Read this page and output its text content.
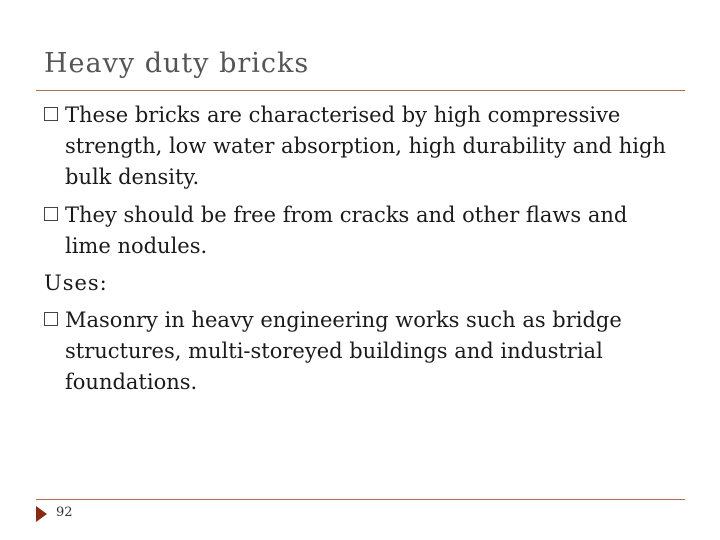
Heavy duty bricks
These bricks are characterised by high compressive
strength, low water absorption, high durability and high bulk density.
They should be free from cracks and other flaws and
lime nodules.
Uses:
Masonry in heavy engineering works such as bridge
structures, multi-storeyed buildings and industrial foundations.
92
